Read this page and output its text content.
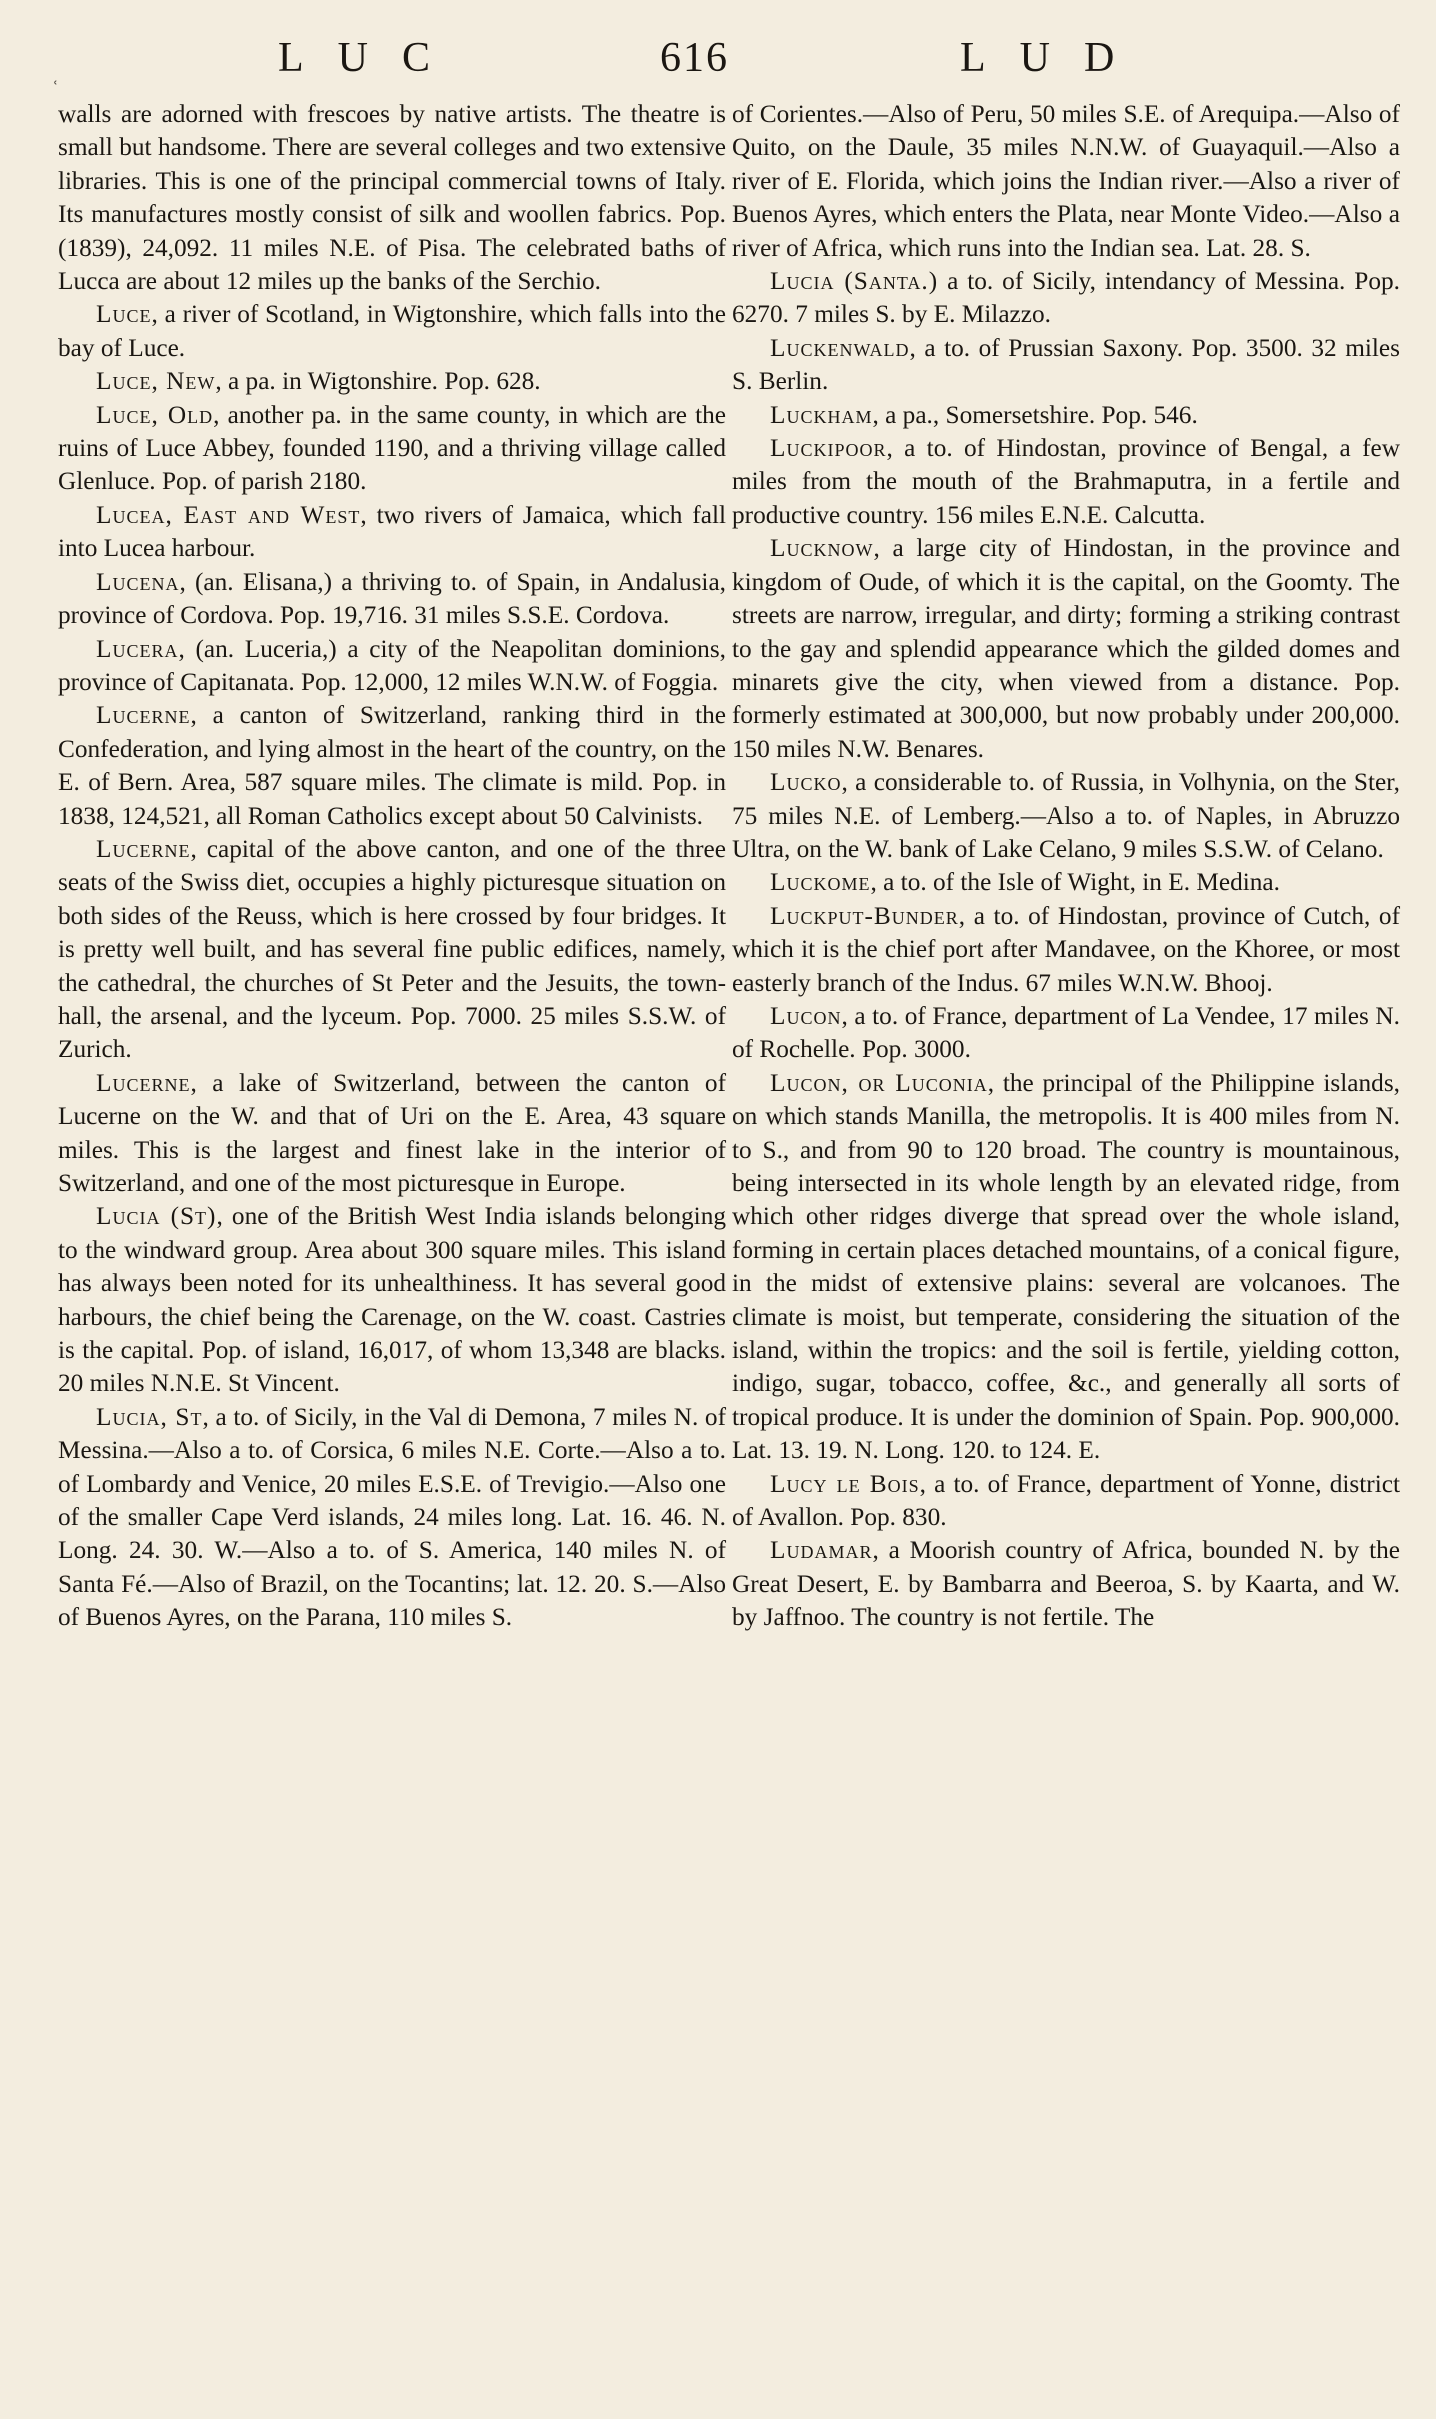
ʿ
LUC	616	LUD

walls are adorned with frescoes by native artists. The theatre is small but handsome. There are several colleges and two extensive libraries. This is one of the principal commercial towns of Italy. Its manufactures mostly consist of silk and woollen fabrics. Pop. (1839), 24,092. 11 miles N.E. of Pisa. The celebrated baths of Lucca are about 12 miles up the banks of the Serchio.

Luce, a river of Scotland, in Wigtonshire, which falls into the bay of Luce.

Luce, New, a pa. in Wigtonshire. Pop. 628.

Luce, Old, another pa. in the same county, in which are the ruins of Luce Abbey, founded 1190, and a thriving village called Glenluce. Pop. of parish 2180.

Lucea, East and West, two rivers of Jamaica, which fall into Lucea harbour.

Lucena, (an. Elisana,) a thriving to. of Spain, in Andalusia, province of Cordova. Pop. 19,716. 31 miles S.S.E. Cordova.

Lucera, (an. Luceria,) a city of the Neapolitan dominions, province of Capitanata. Pop. 12,000, 12 miles W.N.W. of Foggia.

Lucerne, a canton of Switzerland, ranking third in the Confederation, and lying almost in the heart of the country, on the E. of Bern. Area, 587 square miles. The climate is mild. Pop. in 1838, 124,521, all Roman Catholics except about 50 Calvinists.

Lucerne, capital of the above canton, and one of the three seats of the Swiss diet, occupies a highly picturesque situation on both sides of the Reuss, which is here crossed by four bridges. It is pretty well built, and has several fine public edifices, namely, the cathedral, the churches of St Peter and the Jesuits, the town-hall, the arsenal, and the lyceum. Pop. 7000. 25 miles S.S.W. of Zurich.

Lucerne, a lake of Switzerland, between the canton of Lucerne on the W. and that of Uri on the E. Area, 43 square miles. This is the largest and finest lake in the interior of Switzerland, and one of the most picturesque in Europe.

Lucia (St), one of the British West India islands belonging to the windward group. Area about 300 square miles. This island has always been noted for its unhealthiness. It has several good harbours, the chief being the Carenage, on the W. coast. Castries is the capital. Pop. of island, 16,017, of whom 13,348 are blacks. 20 miles N.N.E. St Vincent.

Lucia, St, a to. of Sicily, in the Val di Demona, 7 miles N. of Messina.—Also a to. of Corsica, 6 miles N.E. Corte.—Also a to. of Lombardy and Venice, 20 miles E.S.E. of Trevigio.—Also one of the smaller Cape Verd islands, 24 miles long. Lat. 16. 46. N. Long. 24. 30. W.—Also a to. of S. America, 140 miles N. of Santa Fé.—Also of Brazil, on the Tocantins; lat. 12. 20. S.—Also of Buenos Ayres, on the Parana, 110 miles S.

of Corientes.—Also of Peru, 50 miles S.E. of Arequipa.—Also of Quito, on the Daule, 35 miles N.N.W. of Guayaquil.—Also a river of E. Florida, which joins the Indian river.—Also a river of Buenos Ayres, which enters the Plata, near Monte Video.—Also a river of Africa, which runs into the Indian sea. Lat. 28. S.

Lucia (Santa.) a to. of Sicily, intendancy of Messina. Pop. 6270. 7 miles S. by E. Milazzo.

Luckenwald, a to. of Prussian Saxony. Pop. 3500. 32 miles S. Berlin.

Luckham, a pa., Somersetshire. Pop. 546.

Luckipoor, a to. of Hindostan, province of Bengal, a few miles from the mouth of the Brahmaputra, in a fertile and productive country. 156 miles E.N.E. Calcutta.

Lucknow, a large city of Hindostan, in the province and kingdom of Oude, of which it is the capital, on the Goomty. The streets are narrow, irregular, and dirty; forming a striking contrast to the gay and splendid appearance which the gilded domes and minarets give the city, when viewed from a distance. Pop. formerly estimated at 300,000, but now probably under 200,000. 150 miles N.W. Benares.

Lucko, a considerable to. of Russia, in Volhynia, on the Ster, 75 miles N.E. of Lemberg.—Also a to. of Naples, in Abruzzo Ultra, on the W. bank of Lake Celano, 9 miles S.S.W. of Celano.

Luckome, a to. of the Isle of Wight, in E. Medina.

Luckput-Bunder, a to. of Hindostan, province of Cutch, of which it is the chief port after Mandavee, on the Khoree, or most easterly branch of the Indus. 67 miles W.N.W. Bhooj.

Lucon, a to. of France, department of La Vendee, 17 miles N. of Rochelle. Pop. 3000.

Lucon, or Luconia, the principal of the Philippine islands, on which stands Manilla, the metropolis. It is 400 miles from N. to S., and from 90 to 120 broad. The country is mountainous, being intersected in its whole length by an elevated ridge, from which other ridges diverge that spread over the whole island, forming in certain places detached mountains, of a conical figure, in the midst of extensive plains: several are volcanoes. The climate is moist, but temperate, considering the situation of the island, within the tropics: and the soil is fertile, yielding cotton, indigo, sugar, tobacco, coffee, &c., and generally all sorts of tropical produce. It is under the dominion of Spain. Pop. 900,000. Lat. 13. 19. N. Long. 120. to 124. E.

Lucy le Bois, a to. of France, department of Yonne, district of Avallon. Pop. 830.

Ludamar, a Moorish country of Africa, bounded N. by the Great Desert, E. by Bambarra and Beeroa, S. by Kaarta, and W. by Jaffnoo. The country is not fertile. The
